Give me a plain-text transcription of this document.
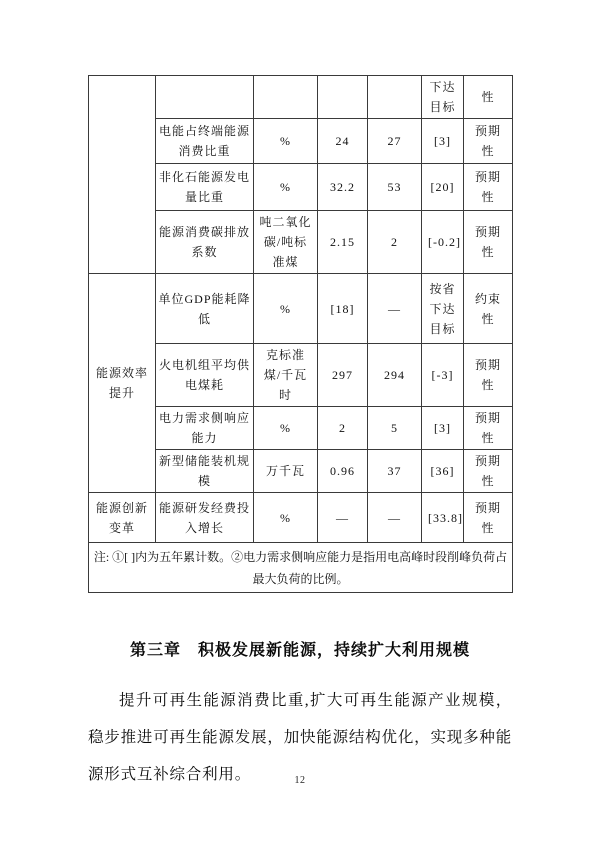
					下达目标	性
	电能占终端能源消费比重	%	24	27	[3]	预期性
	非化石能源发电量比重	%	32.2	53	[20]	预期性
	能源消费碳排放系数	吨二氧化碳/吨标准煤	2.15	2	[-0.2]	预期性
能源效率提升	单位GDP能耗降低	%	[18]	—	按省下达目标	约束性
	火电机组平均供电煤耗	克标准煤/千瓦时	297	294	[-3]	预期性
	电力需求侧响应能力	%	2	5	[3]	预期性
	新型储能装机规模	万千瓦	0.96	37	[36]	预期性
能源创新变革	能源研发经费投入增长	%	—	—	[33.8]	预期性
注: ①[ ]内为五年累计数。②电力需求侧响应能力是指用电高峰时段削峰负荷占最大负荷的比例。						
第三章　积极发展新能源，持续扩大利用规模
提升可再生能源消费比重,扩大可再生能源产业规模，稳步推进可再生能源发展，加快能源结构优化，实现多种能源形式互补综合利用。	12
